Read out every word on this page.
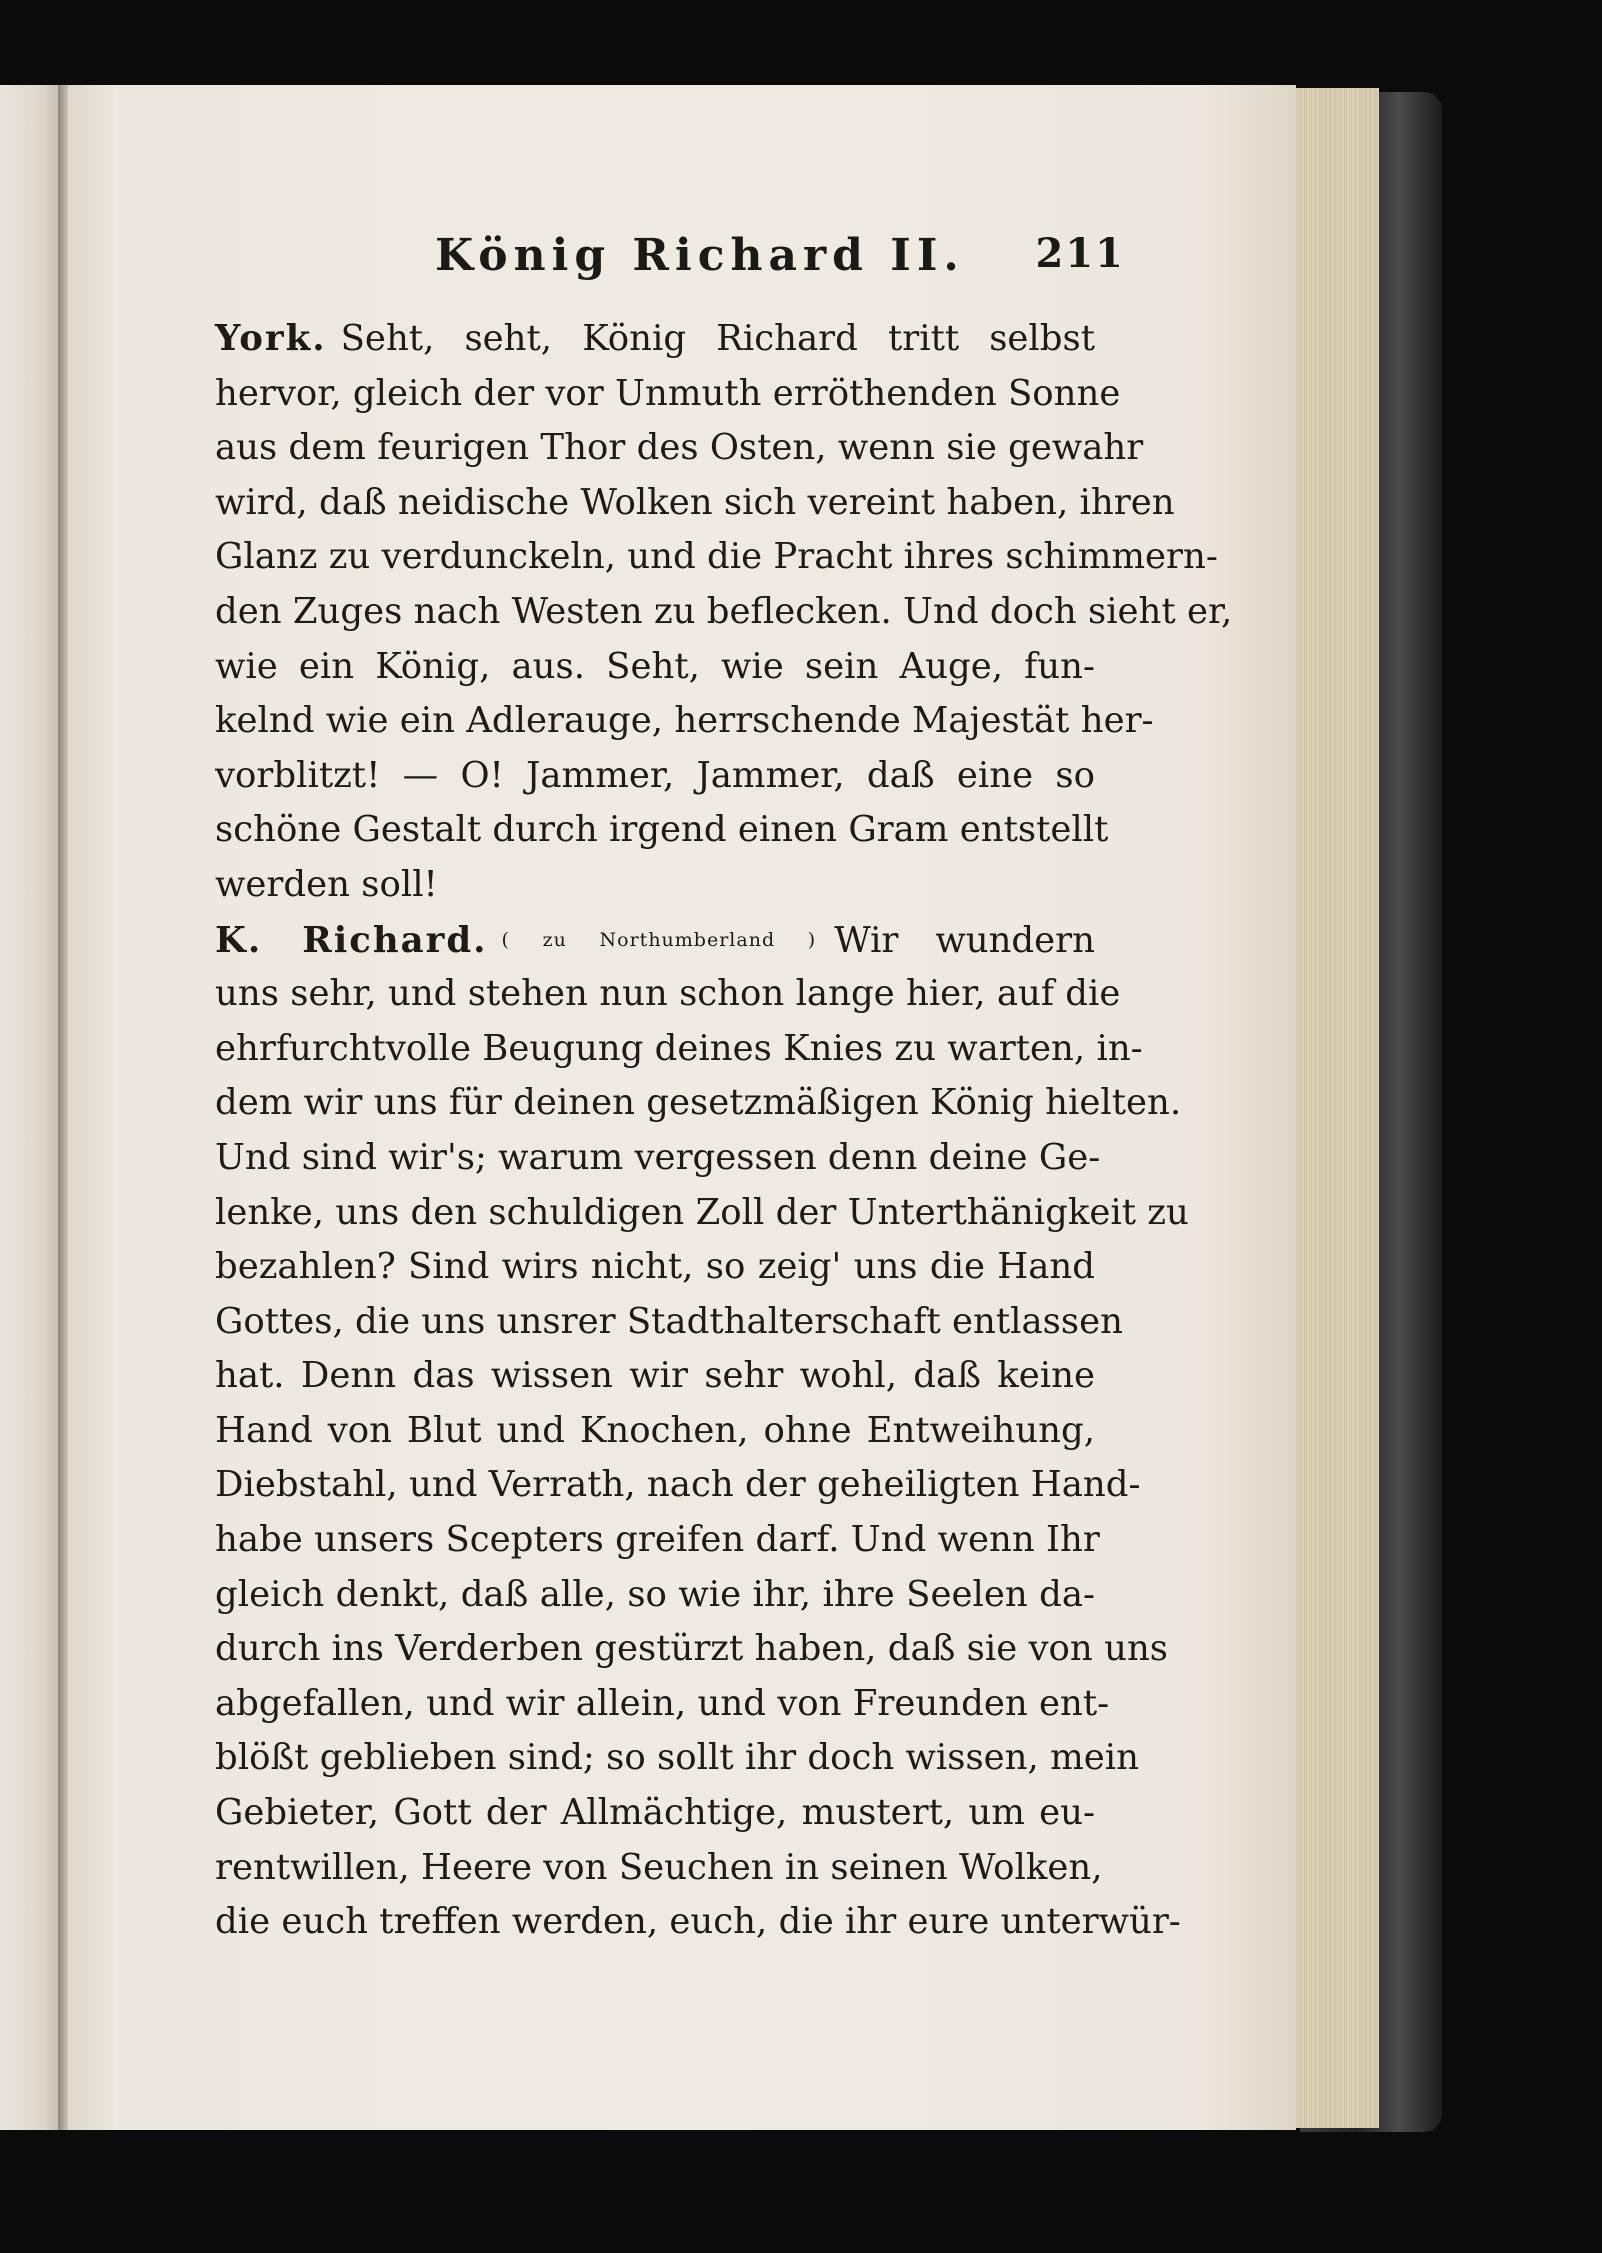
König Richard II. 211
York. Seht, seht, König Richard tritt selbst
hervor, gleich der vor Unmuth erröthenden Sonne
aus dem feurigen Thor des Osten, wenn sie gewahr
wird, daß neidische Wolken sich vereint haben, ihren
Glanz zu verdunckeln, und die Pracht ihres schimmern-
den Zuges nach Westen zu beflecken. Und doch sieht er,
wie ein König, aus. Seht, wie sein Auge, fun-
kelnd wie ein Adlerauge, herrschende Majestät her-
vorblitzt! — O! Jammer, Jammer, daß eine so
schöne Gestalt durch irgend einen Gram entstellt
werden soll!
K. Richard. ( zu Northumberland ) Wir wundern
uns sehr, und stehen nun schon lange hier, auf die
ehrfurchtvolle Beugung deines Knies zu warten, in-
dem wir uns für deinen gesetzmäßigen König hielten.
Und sind wir's; warum vergessen denn deine Ge-
lenke, uns den schuldigen Zoll der Unterthänigkeit zu
bezahlen? Sind wirs nicht, so zeig' uns die Hand
Gottes, die uns unsrer Stadthalterschaft entlassen
hat. Denn das wissen wir sehr wohl, daß keine
Hand von Blut und Knochen, ohne Entweihung,
Diebstahl, und Verrath, nach der geheiligten Hand-
habe unsers Scepters greifen darf. Und wenn Ihr
gleich denkt, daß alle, so wie ihr, ihre Seelen da-
durch ins Verderben gestürzt haben, daß sie von uns
abgefallen, und wir allein, und von Freunden ent-
blößt geblieben sind; so sollt ihr doch wissen, mein
Gebieter, Gott der Allmächtige, mustert, um eu-
rentwillen, Heere von Seuchen in seinen Wolken,
die euch treffen werden, euch, die ihr eure unterwür-
